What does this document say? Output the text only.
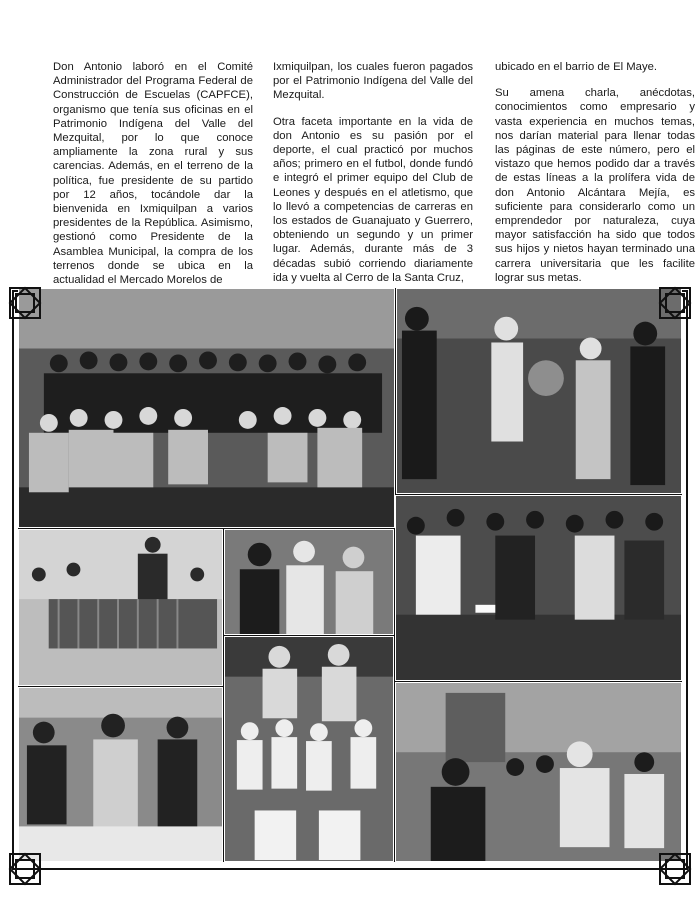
Don Antonio laboró en el Comité Administrador del Programa Federal de Construcción de Escuelas (CAPFCE), organismo que tenía sus oficinas en el Patrimonio Indígena del Valle del Mezquital, por lo que conoce ampliamente la zona rural y sus carencias. Además, en el terreno de la política, fue presidente de su partido por 12 años, tocándole dar la bienvenida en Ixmiquilpan a varios presidentes de la República. Asimismo, gestionó como Presidente de la Asamblea Municipal, la compra de los terrenos donde se ubica en la actualidad el Mercado Morelos de

Ixmiquilpan, los cuales fueron pagados por el Patrimonio Indígena del Valle del Mezquital.

Otra faceta importante en la vida de don Antonio es su pasión por el deporte, el cual practicó por muchos años; primero en el futbol, donde fundó e integró el primer equipo del Club de Leones y después en el atletismo, que lo llevó a competencias de carreras en los estados de Guanajuato y Guerrero, obteniendo un segundo y un primer lugar. Además, durante más de 3 décadas subió corriendo diariamente ida y vuelta al Cerro de la Santa Cruz,

ubicado en el barrio de El Maye.

Su amena charla, anécdotas, conocimientos como empresario y vasta experiencia en muchos temas, nos darían material para llenar todas las páginas de este número, pero el vistazo que hemos podido dar a través de estas líneas a la prolífera vida de don Antonio Alcántara Mejía, es suficiente para considerarlo como un emprendedor por naturaleza, cuya mayor satisfacción ha sido que todos sus hijos y nietos hayan terminado una carrera universitaria que les facilite lograr sus metas.
